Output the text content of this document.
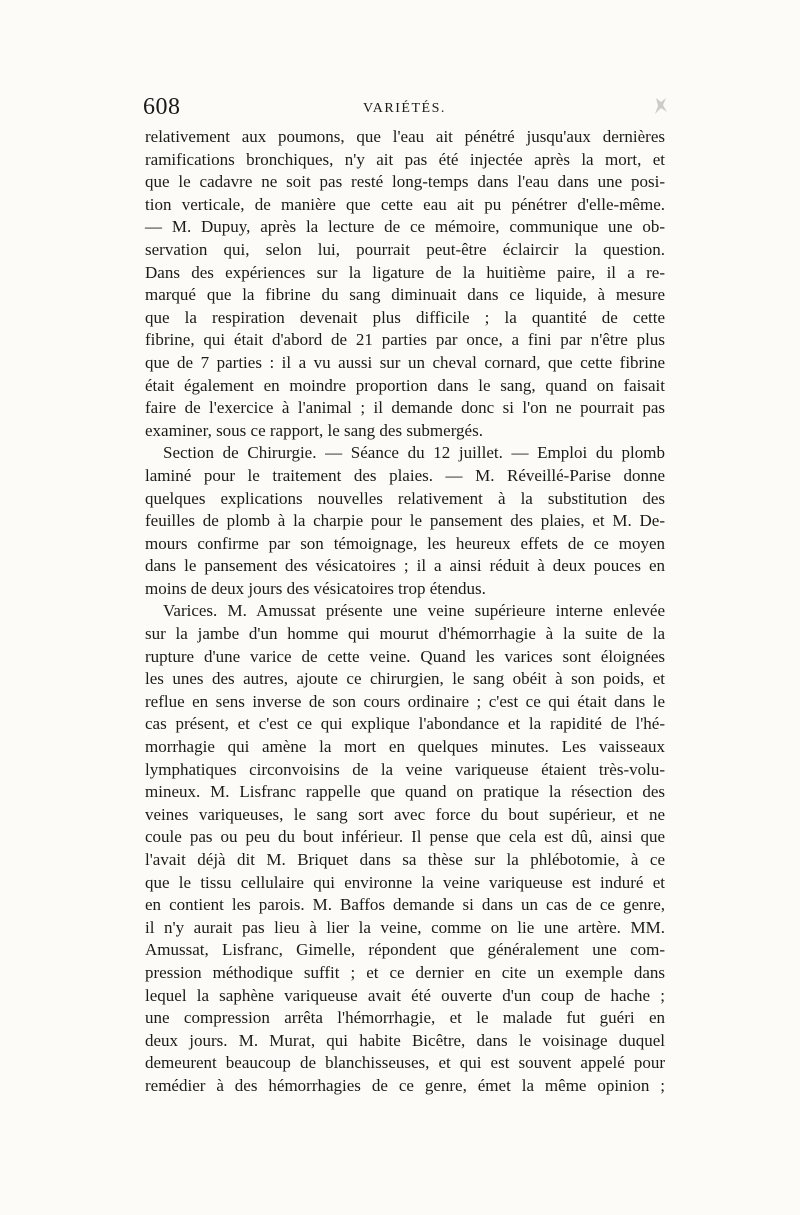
608	VARIÉTÉS.
relativement aux poumons, que l'eau ait pénétré jusqu'aux dernières
ramifications bronchiques, n'y ait pas été injectée après la mort, et
que le cadavre ne soit pas resté long-temps dans l'eau dans une posi-
tion verticale, de manière que cette eau ait pu pénétrer d'elle-même.
— M. Dupuy, après la lecture de ce mémoire, communique une ob-
servation qui, selon lui, pourrait peut-être éclaircir la question.
Dans des expériences sur la ligature de la huitième paire, il a re-
marqué que la fibrine du sang diminuait dans ce liquide, à mesure
que la respiration devenait plus difficile ; la quantité de cette
fibrine, qui était d'abord de 21 parties par once, a fini par n'être plus
que de 7 parties : il a vu aussi sur un cheval cornard, que cette fibrine
était également en moindre proportion dans le sang, quand on faisait
faire de l'exercice à l'animal ; il demande donc si l'on ne pourrait pas
examiner, sous ce rapport, le sang des submergés.
Section de Chirurgie. — Séance du 12 juillet. — Emploi du plomb
laminé pour le traitement des plaies. — M. Réveillé-Parise donne
quelques explications nouvelles relativement à la substitution des
feuilles de plomb à la charpie pour le pansement des plaies, et M. De-
mours confirme par son témoignage, les heureux effets de ce moyen
dans le pansement des vésicatoires ; il a ainsi réduit à deux pouces en
moins de deux jours des vésicatoires trop étendus.
Varices. M. Amussat présente une veine supérieure interne enlevée
sur la jambe d'un homme qui mourut d'hémorrhagie à la suite de la
rupture d'une varice de cette veine. Quand les varices sont éloignées
les unes des autres, ajoute ce chirurgien, le sang obéit à son poids, et
reflue en sens inverse de son cours ordinaire ; c'est ce qui était dans le
cas présent, et c'est ce qui explique l'abondance et la rapidité de l'hé-
morrhagie qui amène la mort en quelques minutes. Les vaisseaux
lymphatiques circonvoisins de la veine variqueuse étaient très-volu-
mineux. M. Lisfranc rappelle que quand on pratique la résection des
veines variqueuses, le sang sort avec force du bout supérieur, et ne
coule pas ou peu du bout inférieur. Il pense que cela est dû, ainsi que
l'avait déjà dit M. Briquet dans sa thèse sur la phlébotomie, à ce
que le tissu cellulaire qui environne la veine variqueuse est induré et
en contient les parois. M. Baffos demande si dans un cas de ce genre,
il n'y aurait pas lieu à lier la veine, comme on lie une artère. MM.
Amussat, Lisfranc, Gimelle, répondent que généralement une com-
pression méthodique suffit ; et ce dernier en cite un exemple dans
lequel la saphène variqueuse avait été ouverte d'un coup de hache ;
une compression arrêta l'hémorrhagie, et le malade fut guéri en
deux jours. M. Murat, qui habite Bicêtre, dans le voisinage duquel
demeurent beaucoup de blanchisseuses, et qui est souvent appelé pour
remédier à des hémorrhagies de ce genre, émet la même opinion ;
